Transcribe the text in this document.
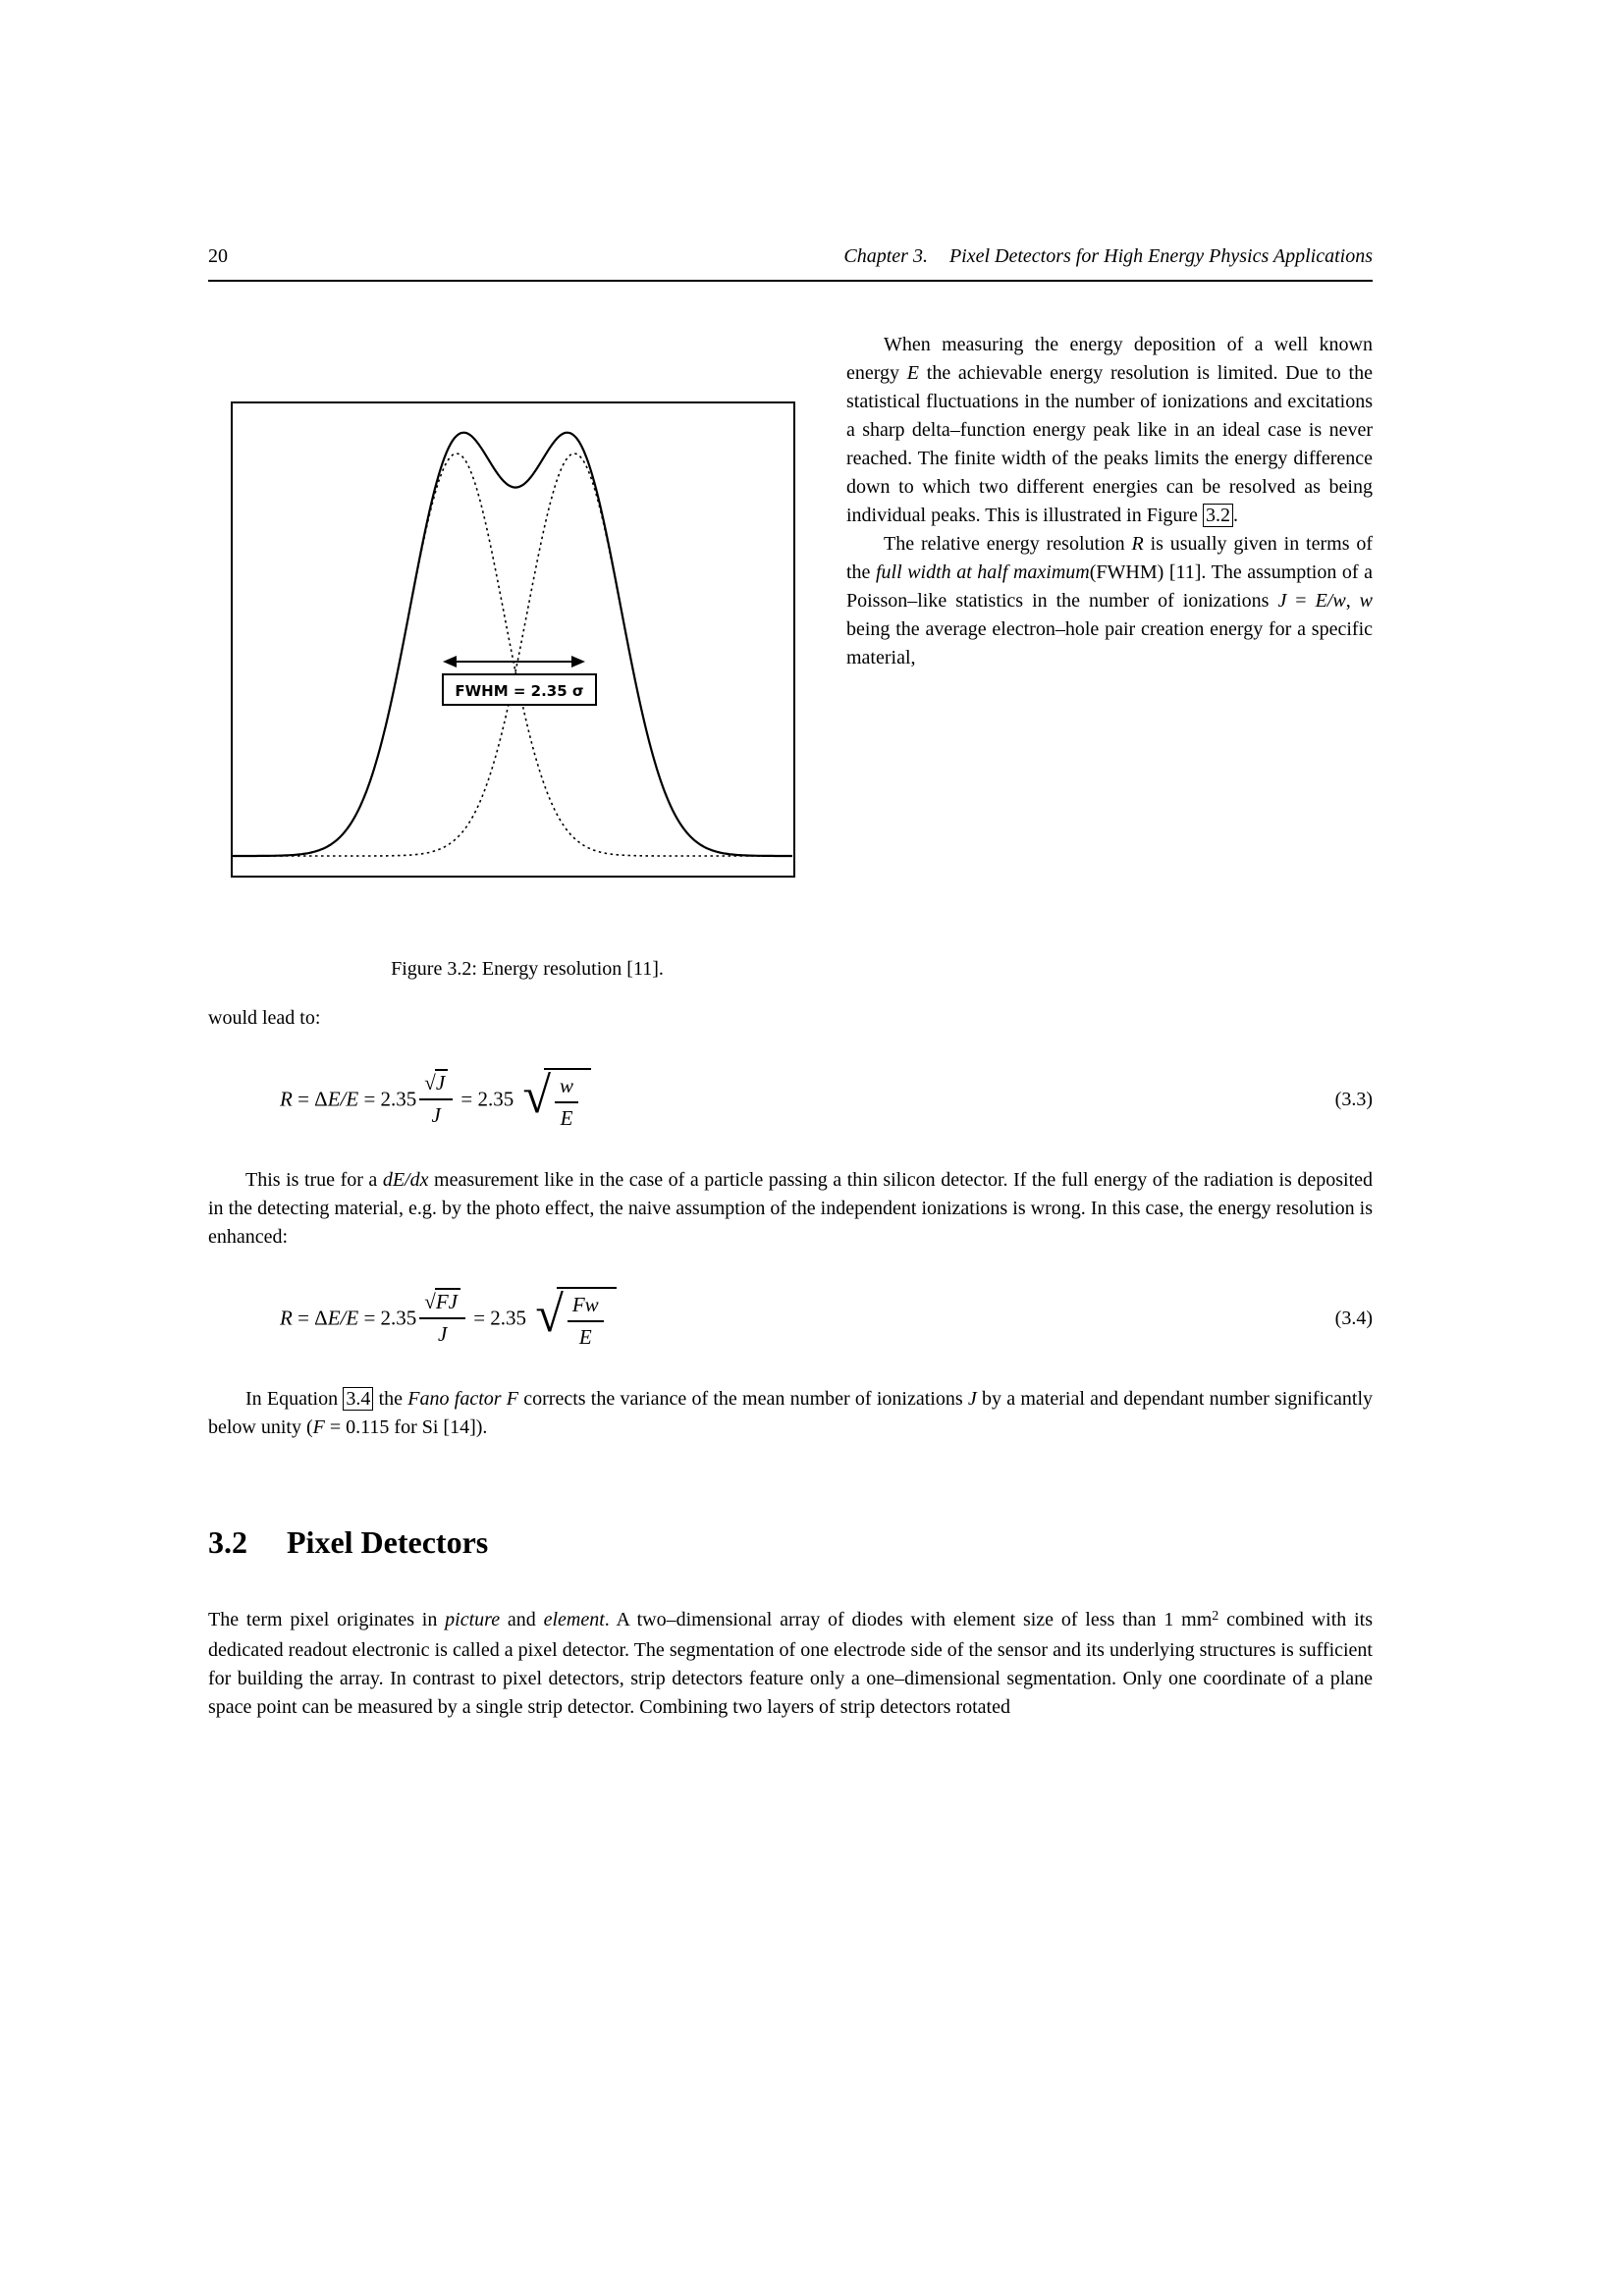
20	Chapter 3. Pixel Detectors for High Energy Physics Applications
FWHM = 2.35 σ
Figure 3.2: Energy resolution [11].

When measuring the energy deposition of a well known energy E the achievable energy resolution is limited. Due to the statistical fluctuations in the number of ionizations and excitations a sharp delta–function energy peak like in an ideal case is never reached. The finite width of the peaks limits the energy difference down to which two different energies can be resolved as being individual peaks. This is illustrated in Figure 3.2 .

The relative energy resolution R is usually given in terms of the full width at half maximum(FWHM) [11]. The assumption of a Poisson–like statistics in the number of ionizations J = E/w, w being the average electron–hole pair creation energy for a specific material,

would lead to:

$R = \Delta E/E = 2.35 \frac{√J}{J} = 2.35$ √ $\frac{w}{E}$	(3.3)

This is true for a dE/dx measurement like in the case of a particle passing a thin silicon detector. If the full energy of the radiation is deposited in the detecting material, e.g. by the photo effect, the naive assumption of the independent ionizations is wrong. In this case, the energy resolution is enhanced:

$R = \Delta E/E = 2.35 \frac{√FJ}{J} = 2.35$ √ $\frac{Fw}{E}$	(3.4)

In Equation 3.4 the Fano factor F corrects the variance of the mean number of ionizations J by a material and dependant number significantly below unity (F = 0.115 for Si [14]).

3.2 Pixel Detectors

The term pixel originates in picture and element. A two–dimensional array of diodes with element size of less than 1 $mm^2$ combined with its dedicated readout electronic is called a pixel detector. The segmentation of one electrode side of the sensor and its underlying structures is sufficient for building the array. In contrast to pixel detectors, strip detectors feature only a one–dimensional segmentation. Only one coordinate of a plane space point can be measured by a single strip detector. Combining two layers of strip detectors rotated
